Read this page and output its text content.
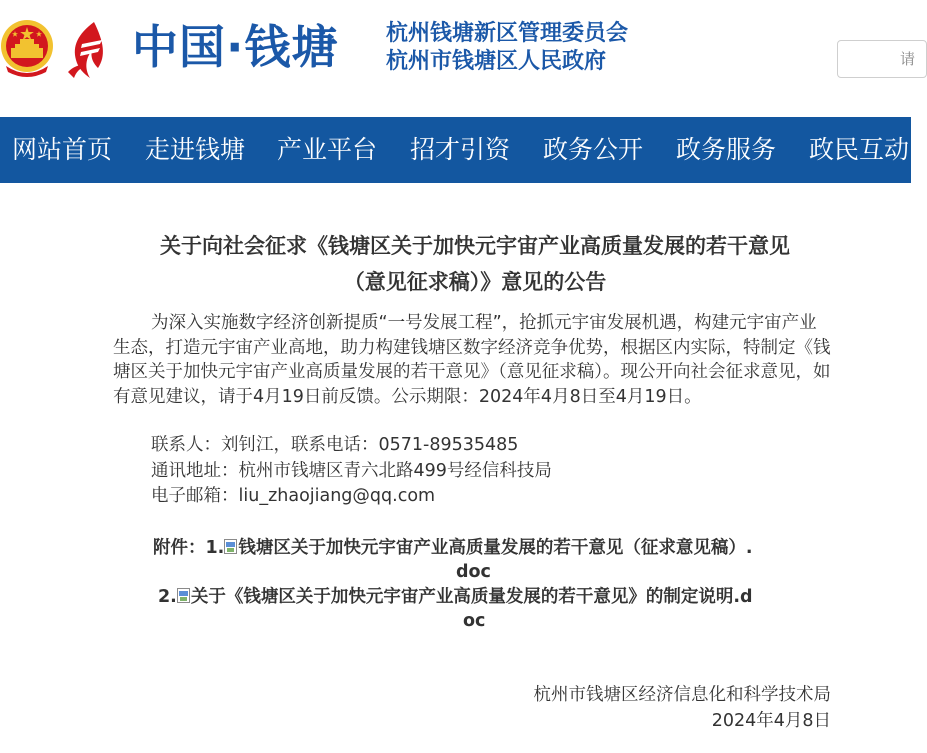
中国·钱塘 杭州钱塘新区管理委员会
杭州市钱塘区人民政府	请
网站首页 走进钱塘 产业平台 招才引资 政务公开 政务服务 政民互动
关于向社会征求《钱塘区关于加快元宇宙产业高质量发展的若干意见
（意见征求稿）》意见的公告
为深入实施数字经济创新提质“一号发展工程”，抢抓元宇宙发展机遇，构建元宇宙产业生态，打造元宇宙产业高地，助力构建钱塘区数字经济竞争优势，根据区内实际，特制定《钱塘区关于加快元宇宙产业高质量发展的若干意见》（意见征求稿）。现公开向社会征求意见，如有意见建议，请于4月19日前反馈。公示期限：2024年4月8日至4月19日。
联系人：刘钊江，联系电话：0571-89535485
通讯地址：杭州市钱塘区青六北路499号经信科技局
电子邮箱：liu_zhaojiang@qq.com
附件：1. 钱塘区关于加快元宇宙产业高质量发展的若干意见（征求意见稿）.
doc
2. 关于《钱塘区关于加快元宇宙产业高质量发展的若干意见》的制定说明.d
oc
杭州市钱塘区经济信息化和科学技术局
2024年4月8日
